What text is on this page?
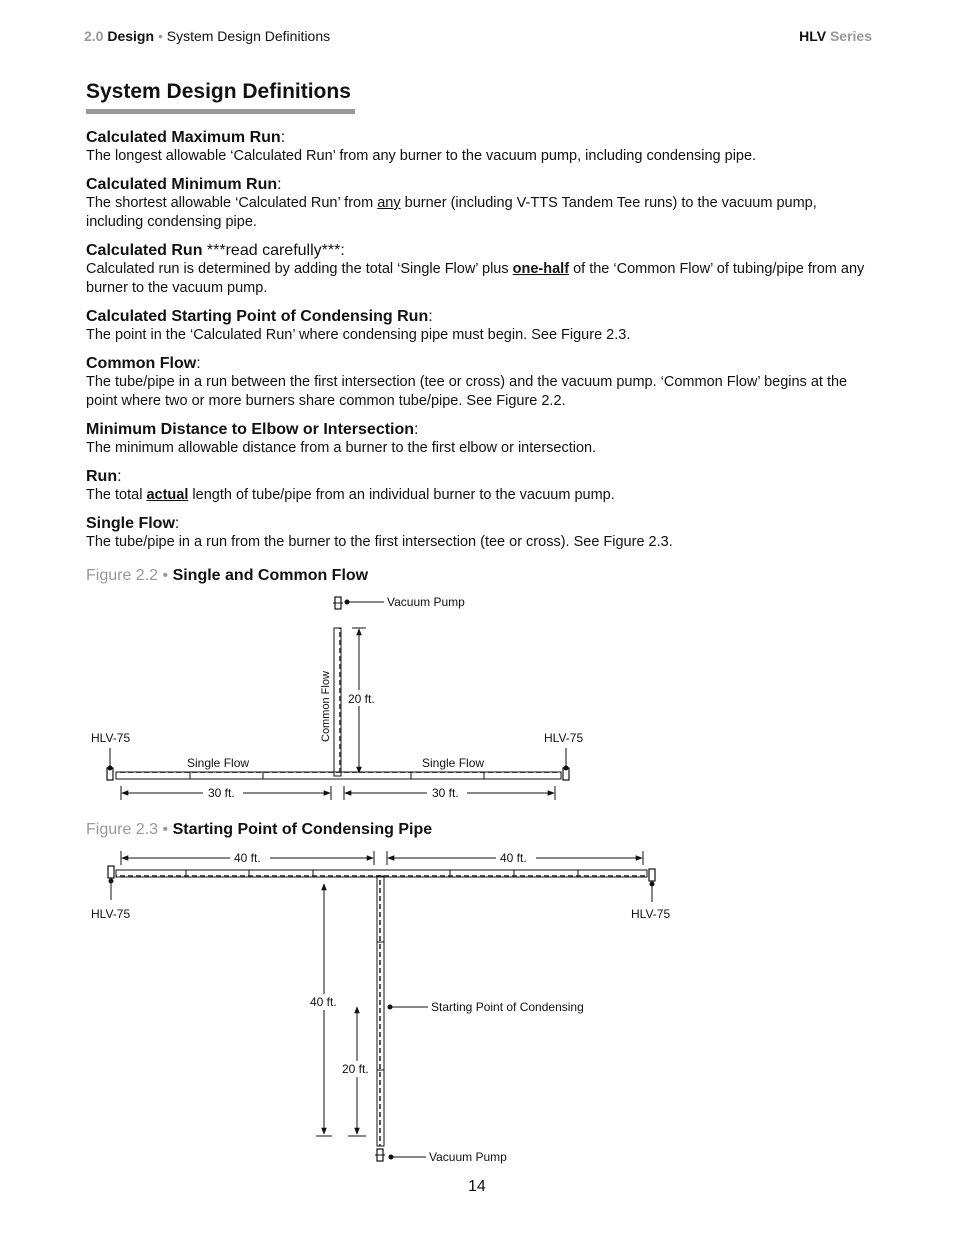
2.0 Design • System Design Definitions	HLV Series
System Design Definitions
Calculated Maximum Run:
The longest allowable ‘Calculated Run’ from any burner to the vacuum pump, including condensing pipe.
Calculated Minimum Run:
The shortest allowable ‘Calculated Run’ from any burner (including V-TTS Tandem Tee runs) to the vacuum pump, including condensing pipe.
Calculated Run ***read carefully***:
Calculated run is determined by adding the total ‘Single Flow’ plus one-half of the ‘Common Flow’ of tubing/pipe from any burner to the vacuum pump.
Calculated Starting Point of Condensing Run:
The point in the ‘Calculated Run’ where condensing pipe must begin. See Figure 2.3.
Common Flow:
The tube/pipe in a run between the first intersection (tee or cross) and the vacuum pump. ‘Common Flow’ begins at the point where two or more burners share common tube/pipe. See Figure 2.2.
Minimum Distance to Elbow or Intersection:
The minimum allowable distance from a burner to the first elbow or intersection.
Run:
The total actual length of tube/pipe from an individual burner to the vacuum pump.
Single Flow:
The tube/pipe in a run from the burner to the first intersection (tee or cross). See Figure 2.3.
Figure 2.2 • Single and Common Flow
Vacuum Pump
Common Flow 20 ft.
HLV-75	HLV-75
Single Flow	Single Flow
30 ft.	30 ft.
Figure 2.3 • Starting Point of Condensing Pipe
40 ft.	40 ft.
HLV-75	HLV-75
Vacuum Pump
Starting Point of Condensing
40 ft.
20 ft.
14
